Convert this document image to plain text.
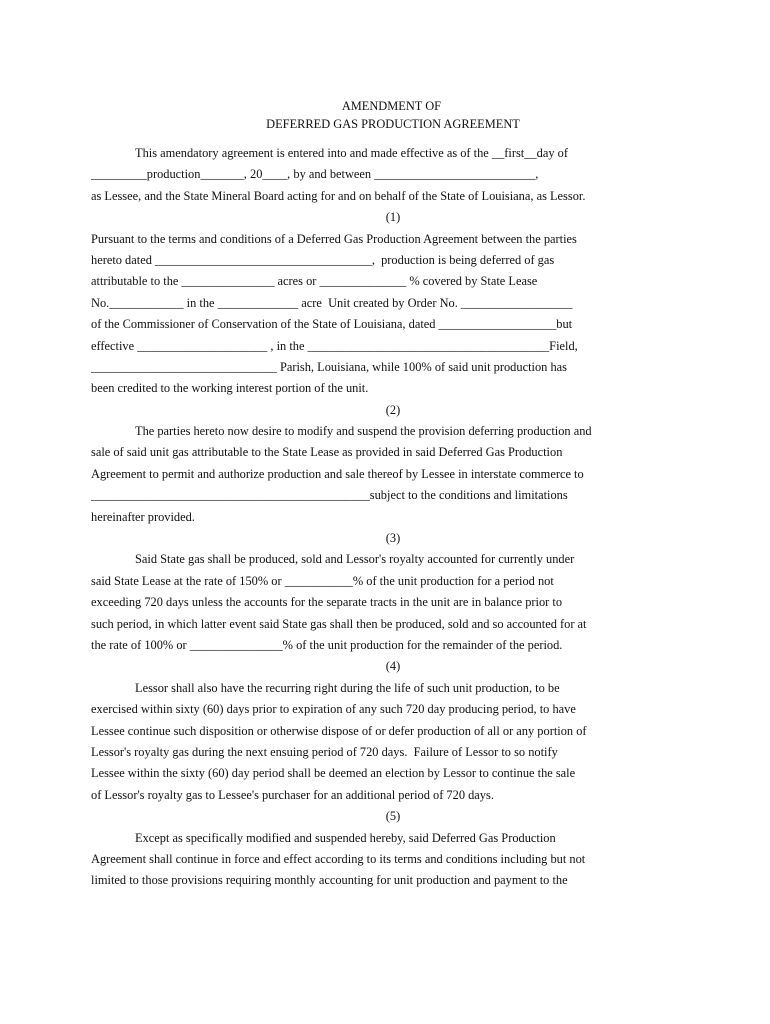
AMENDMENT OF
DEFERRED GAS PRODUCTION AGREEMENT
This amendatory agreement is entered into and made effective as of the __first__day of
_________production_______, 20____, by and between __________________________,
as Lessee, and the State Mineral Board acting for and on behalf of the State of Louisiana, as Lessor.
(1)
Pursuant to the terms and conditions of a Deferred Gas Production Agreement between the parties
hereto dated ___________________________________,  production is being deferred of gas
attributable to the _______________ acres or ______________ % covered by State Lease
No.____________ in the _____________ acre  Unit created by Order No. __________________
of the Commissioner of Conservation of the State of Louisiana, dated ___________________but
effective _____________________ , in the _______________________________________Field,
______________________________ Parish, Louisiana, while 100% of said unit production has
been credited to the working interest portion of the unit.
(2)
The parties hereto now desire to modify and suspend the provision deferring production and
sale of said unit gas attributable to the State Lease as provided in said Deferred Gas Production
Agreement to permit and authorize production and sale thereof by Lessee in interstate commerce to
_____________________________________________subject to the conditions and limitations
hereinafter provided.
(3)
Said State gas shall be produced, sold and Lessor's royalty accounted for currently under
said State Lease at the rate of 150% or ___________% of the unit production for a period not
exceeding 720 days unless the accounts for the separate tracts in the unit are in balance prior to
such period, in which latter event said State gas shall then be produced, sold and so accounted for at
the rate of 100% or _______________% of the unit production for the remainder of the period.
(4)
Lessor shall also have the recurring right during the life of such unit production, to be
exercised within sixty (60) days prior to expiration of any such 720 day producing period, to have
Lessee continue such disposition or otherwise dispose of or defer production of all or any portion of
Lessor's royalty gas during the next ensuing period of 720 days.  Failure of Lessor to so notify
Lessee within the sixty (60) day period shall be deemed an election by Lessor to continue the sale
of Lessor's royalty gas to Lessee's purchaser for an additional period of 720 days.
(5)
Except as specifically modified and suspended hereby, said Deferred Gas Production
Agreement shall continue in force and effect according to its terms and conditions including but not
limited to those provisions requiring monthly accounting for unit production and payment to the
